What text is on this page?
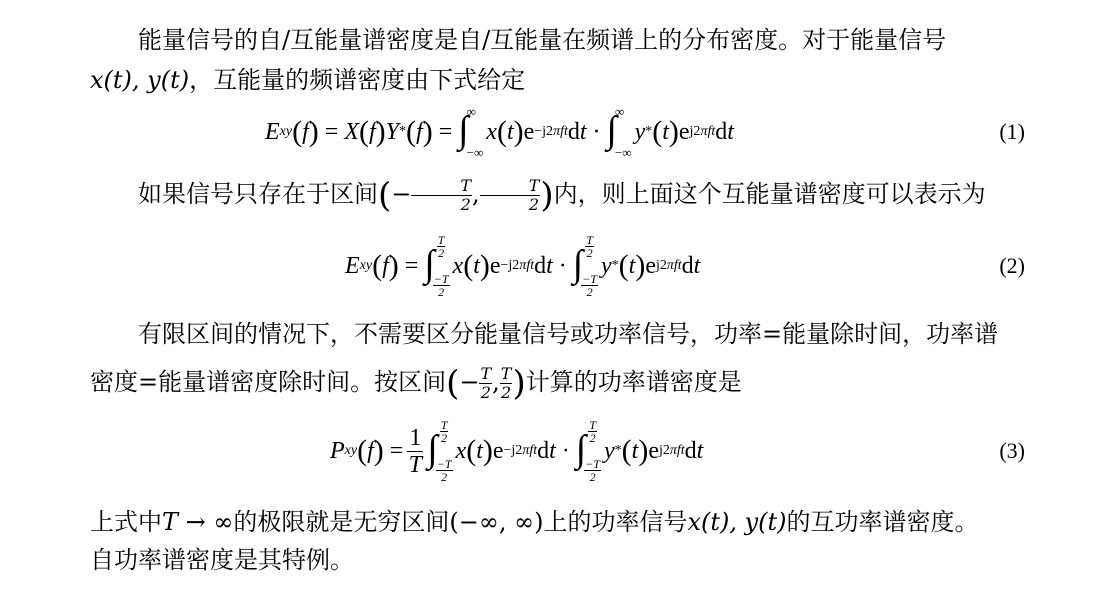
能量信号的自/互能量谱密度是自/互能量在频谱上的分布密度。对于能量信号
x(t), y(t)，互能量的频谱密度由下式给定
E xy ( f ) = X ( f ) Y * ( f ) = ∫
∞
−∞
x ( t ) e −j2πft d t · ∫
∞
−∞
y * ( t ) e j2πft d t	(1)
如果信号只存在于区间(− $\frac{T}{2}$ , $\frac{T}{2}$ )内，则上面这个互能量谱密度可以表示为
E xy ( f ) = ∫
$\frac{T}{2}$
$\frac{-T}{2}$
x ( t ) e −j2πft d t · ∫
$\frac{T}{2}$
$\frac{-T}{2}$
y * ( t ) e j2πft d t	(2)
有限区间的情况下，不需要区分能量信号或功率信号，功率=能量除时间，功率谱
密度=能量谱密度除时间。按区间(− $\frac{T}{2}$ , $\frac{T}{2}$ )计算的功率谱密度是
P xy ( f ) = $\frac{1}{T}$ ∫
$\frac{T}{2}$
$\frac{-T}{2}$
x ( t ) e −j2πft d t · ∫
$\frac{T}{2}$
$\frac{-T}{2}$
y * ( t ) e j2πft d t	(3)
上式中T → ∞的极限就是无穷区间(−∞, ∞)上的功率信号x(t), y(t)的互功率谱密度。
自功率谱密度是其特例。
